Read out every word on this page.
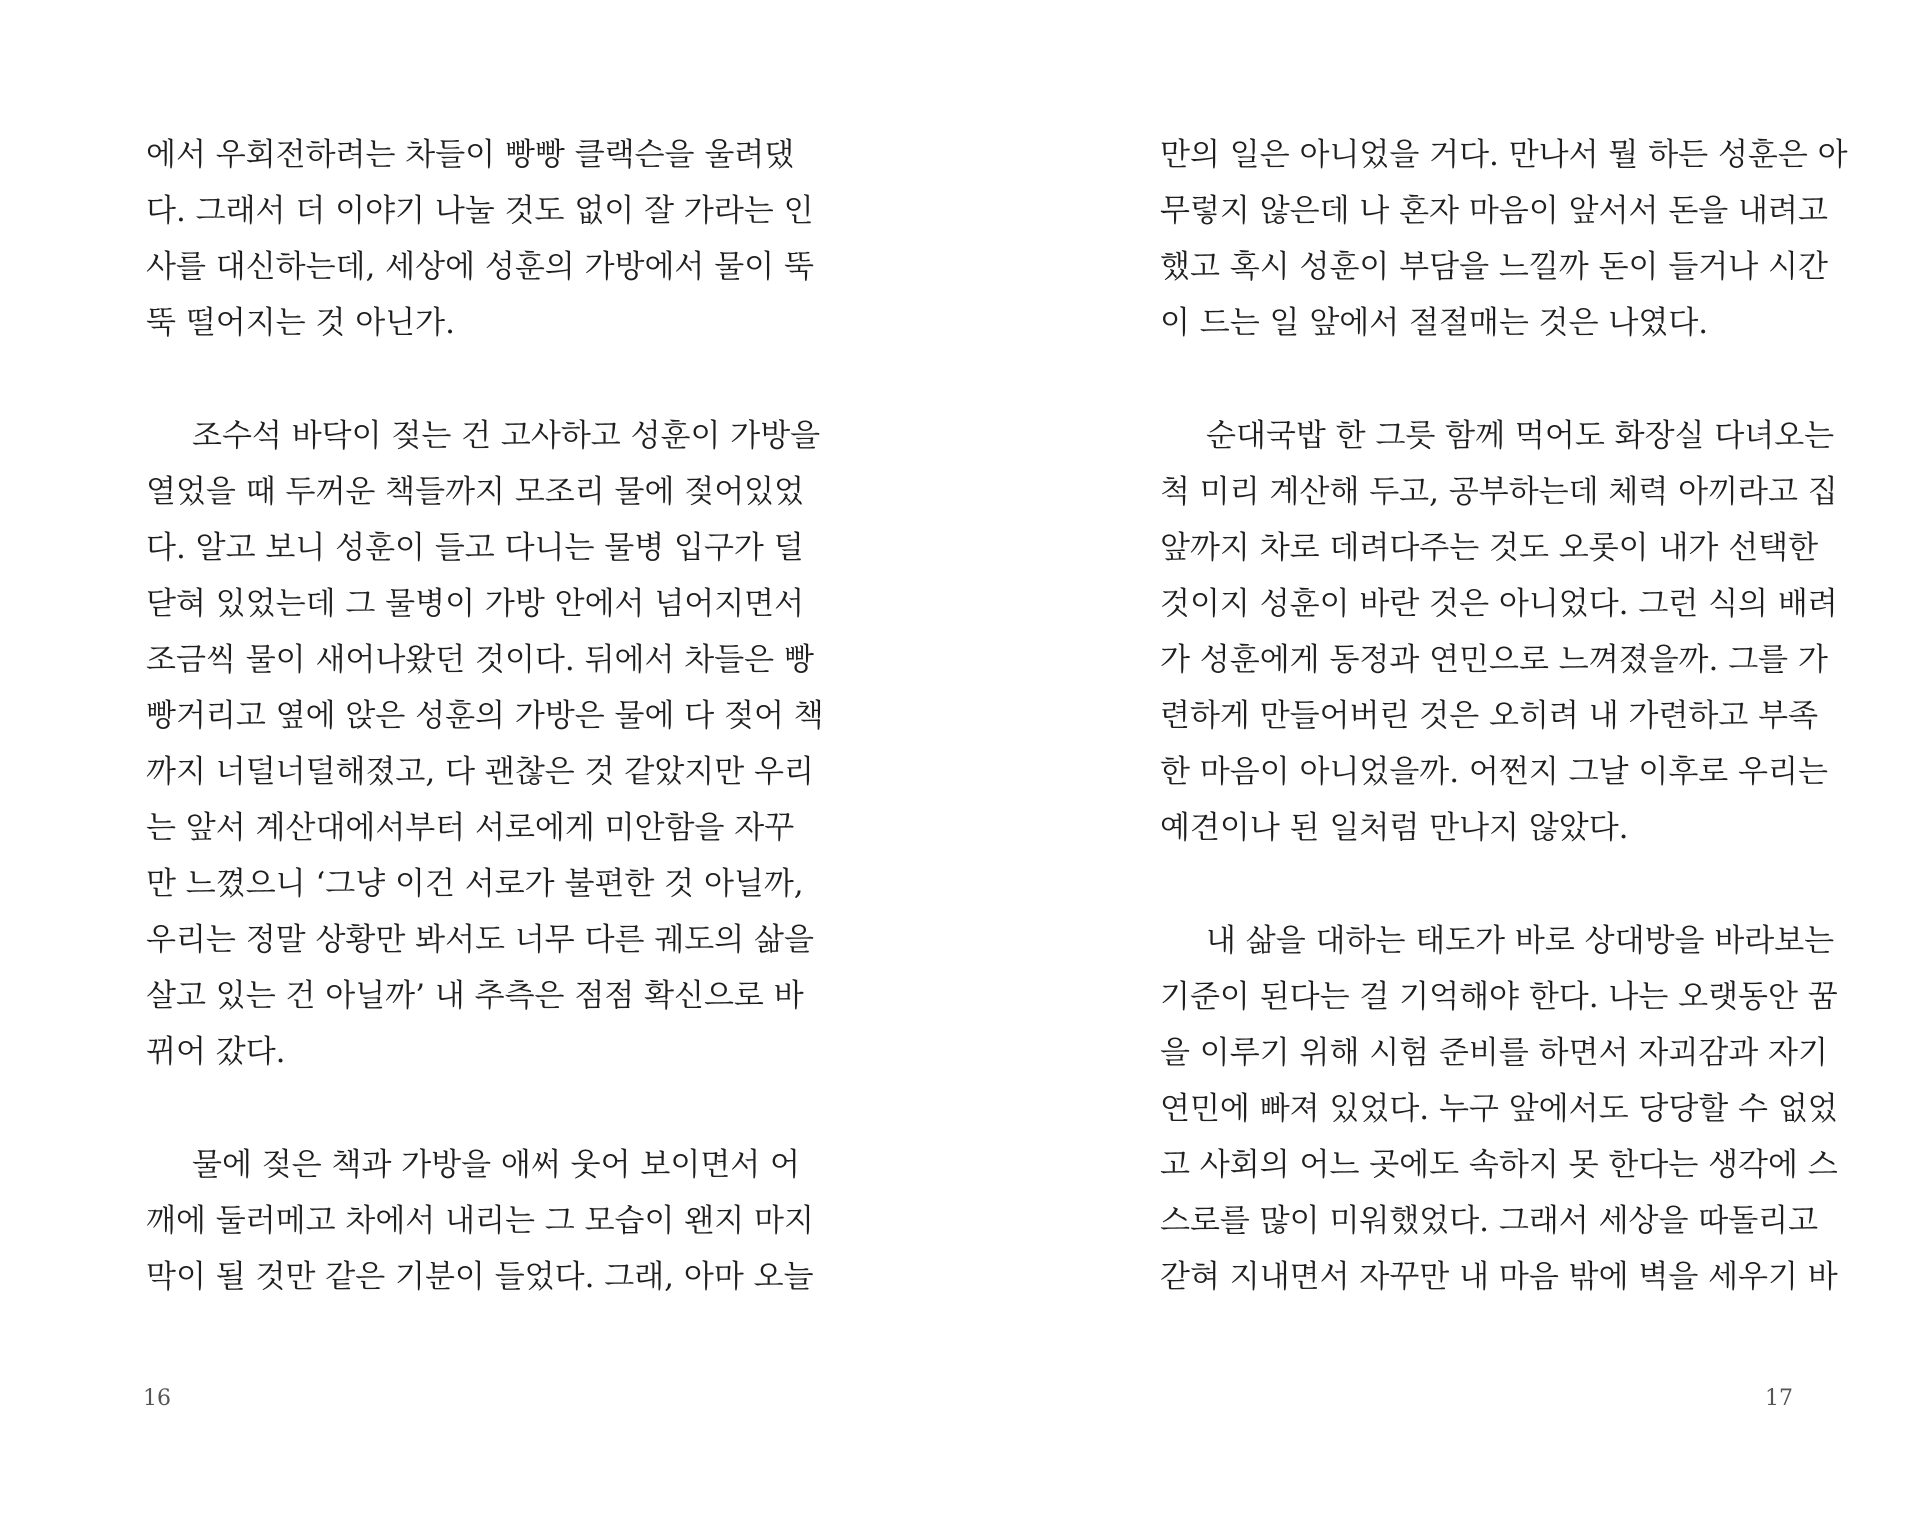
에서 우회전하려는 차들이 빵빵 클랙슨을 울려댔
다. 그래서 더 이야기 나눌 것도 없이 잘 가라는 인
사를 대신하는데, 세상에 성훈의 가방에서 물이 뚝
뚝 떨어지는 것 아닌가.
조수석 바닥이 젖는 건 고사하고 성훈이 가방을
열었을 때 두꺼운 책들까지 모조리 물에 젖어있었
다. 알고 보니 성훈이 들고 다니는 물병 입구가 덜
닫혀 있었는데 그 물병이 가방 안에서 넘어지면서
조금씩 물이 새어나왔던 것이다. 뒤에서 차들은 빵
빵거리고 옆에 앉은 성훈의 가방은 물에 다 젖어 책
까지 너덜너덜해졌고, 다 괜찮은 것 같았지만 우리
는 앞서 계산대에서부터 서로에게 미안함을 자꾸
만 느꼈으니 ‘그냥 이건 서로가 불편한 것 아닐까,
우리는 정말 상황만 봐서도 너무 다른 궤도의 삶을
살고 있는 건 아닐까’ 내 추측은 점점 확신으로 바
뀌어 갔다.
물에 젖은 책과 가방을 애써 웃어 보이면서 어
깨에 둘러메고 차에서 내리는 그 모습이 왠지 마지
막이 될 것만 같은 기분이 들었다. 그래, 아마 오늘
16
만의 일은 아니었을 거다. 만나서 뭘 하든 성훈은 아
무렇지 않은데 나 혼자 마음이 앞서서 돈을 내려고
했고 혹시 성훈이 부담을 느낄까 돈이 들거나 시간
이 드는 일 앞에서 절절매는 것은 나였다.
순대국밥 한 그릇 함께 먹어도 화장실 다녀오는
척 미리 계산해 두고, 공부하는데 체력 아끼라고 집
앞까지 차로 데려다주는 것도 오롯이 내가 선택한
것이지 성훈이 바란 것은 아니었다. 그런 식의 배려
가 성훈에게 동정과 연민으로 느껴졌을까. 그를 가
련하게 만들어버린 것은 오히려 내 가련하고 부족
한 마음이 아니었을까. 어쩐지 그날 이후로 우리는
예견이나 된 일처럼 만나지 않았다.
내 삶을 대하는 태도가 바로 상대방을 바라보는
기준이 된다는 걸 기억해야 한다. 나는 오랫동안 꿈
을 이루기 위해 시험 준비를 하면서 자괴감과 자기
연민에 빠져 있었다. 누구 앞에서도 당당할 수 없었
고 사회의 어느 곳에도 속하지 못 한다는 생각에 스
스로를 많이 미워했었다. 그래서 세상을 따돌리고
갇혀 지내면서 자꾸만 내 마음 밖에 벽을 세우기 바
17
